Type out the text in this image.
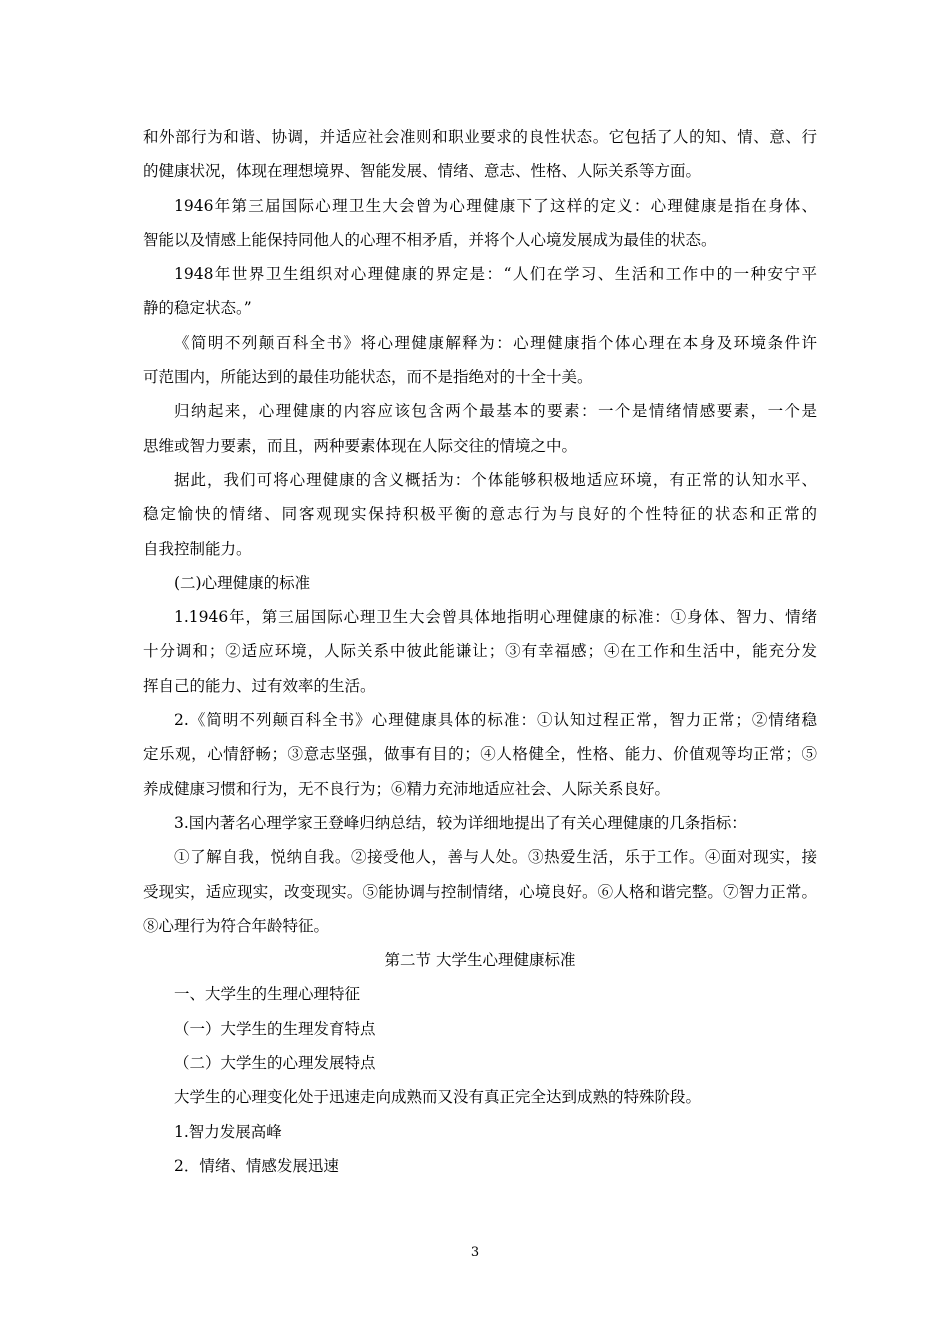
和外部行为和谐、协调，并适应社会准则和职业要求的良性状态。它包括了人的知、情、意、行
的健康状况，体现在理想境界、智能发展、情绪、意志、性格、人际关系等方面。
1946年第三届国际心理卫生大会曾为心理健康下了这样的定义：心理健康是指在身体、
智能以及情感上能保持同他人的心理不相矛盾，并将个人心境发展成为最佳的状态。
1948年世界卫生组织对心理健康的界定是：“人们在学习、生活和工作中的一种安宁平
静的稳定状态。”
《简明不列颠百科全书》将心理健康解释为：心理健康指个体心理在本身及环境条件许
可范围内，所能达到的最佳功能状态，而不是指绝对的十全十美。
归纳起来，心理健康的内容应该包含两个最基本的要素：一个是情绪情感要素，一个是
思维或智力要素，而且，两种要素体现在人际交往的情境之中。
据此，我们可将心理健康的含义概括为：个体能够积极地适应环境，有正常的认知水平、
稳定愉快的情绪、同客观现实保持积极平衡的意志行为与良好的个性特征的状态和正常的
自我控制能力。
(二)心理健康的标准
1.1946年，第三届国际心理卫生大会曾具体地指明心理健康的标准：①身体、智力、情绪
十分调和；②适应环境，人际关系中彼此能谦让；③有幸福感；④在工作和生活中，能充分发
挥自己的能力、过有效率的生活。
2.《简明不列颠百科全书》心理健康具体的标准：①认知过程正常，智力正常；②情绪稳
定乐观，心情舒畅；③意志坚强，做事有目的；④人格健全，性格、能力、价值观等均正常；⑤
养成健康习惯和行为，无不良行为；⑥精力充沛地适应社会、人际关系良好。
3.国内著名心理学家王登峰归纳总结，较为详细地提出了有关心理健康的几条指标：
①了解自我，悦纳自我。②接受他人，善与人处。③热爱生活，乐于工作。④面对现实，接
受现实，适应现实，改变现实。⑤能协调与控制情绪，心境良好。⑥人格和谐完整。⑦智力正常。
⑧心理行为符合年龄特征。
第二节 大学生心理健康标准
一、大学生的生理心理特征
（一）大学生的生理发育特点
（二）大学生的心理发展特点
大学生的心理变化处于迅速走向成熟而又没有真正完全达到成熟的特殊阶段。
1.智力发展高峰
2．情绪、情感发展迅速
3
